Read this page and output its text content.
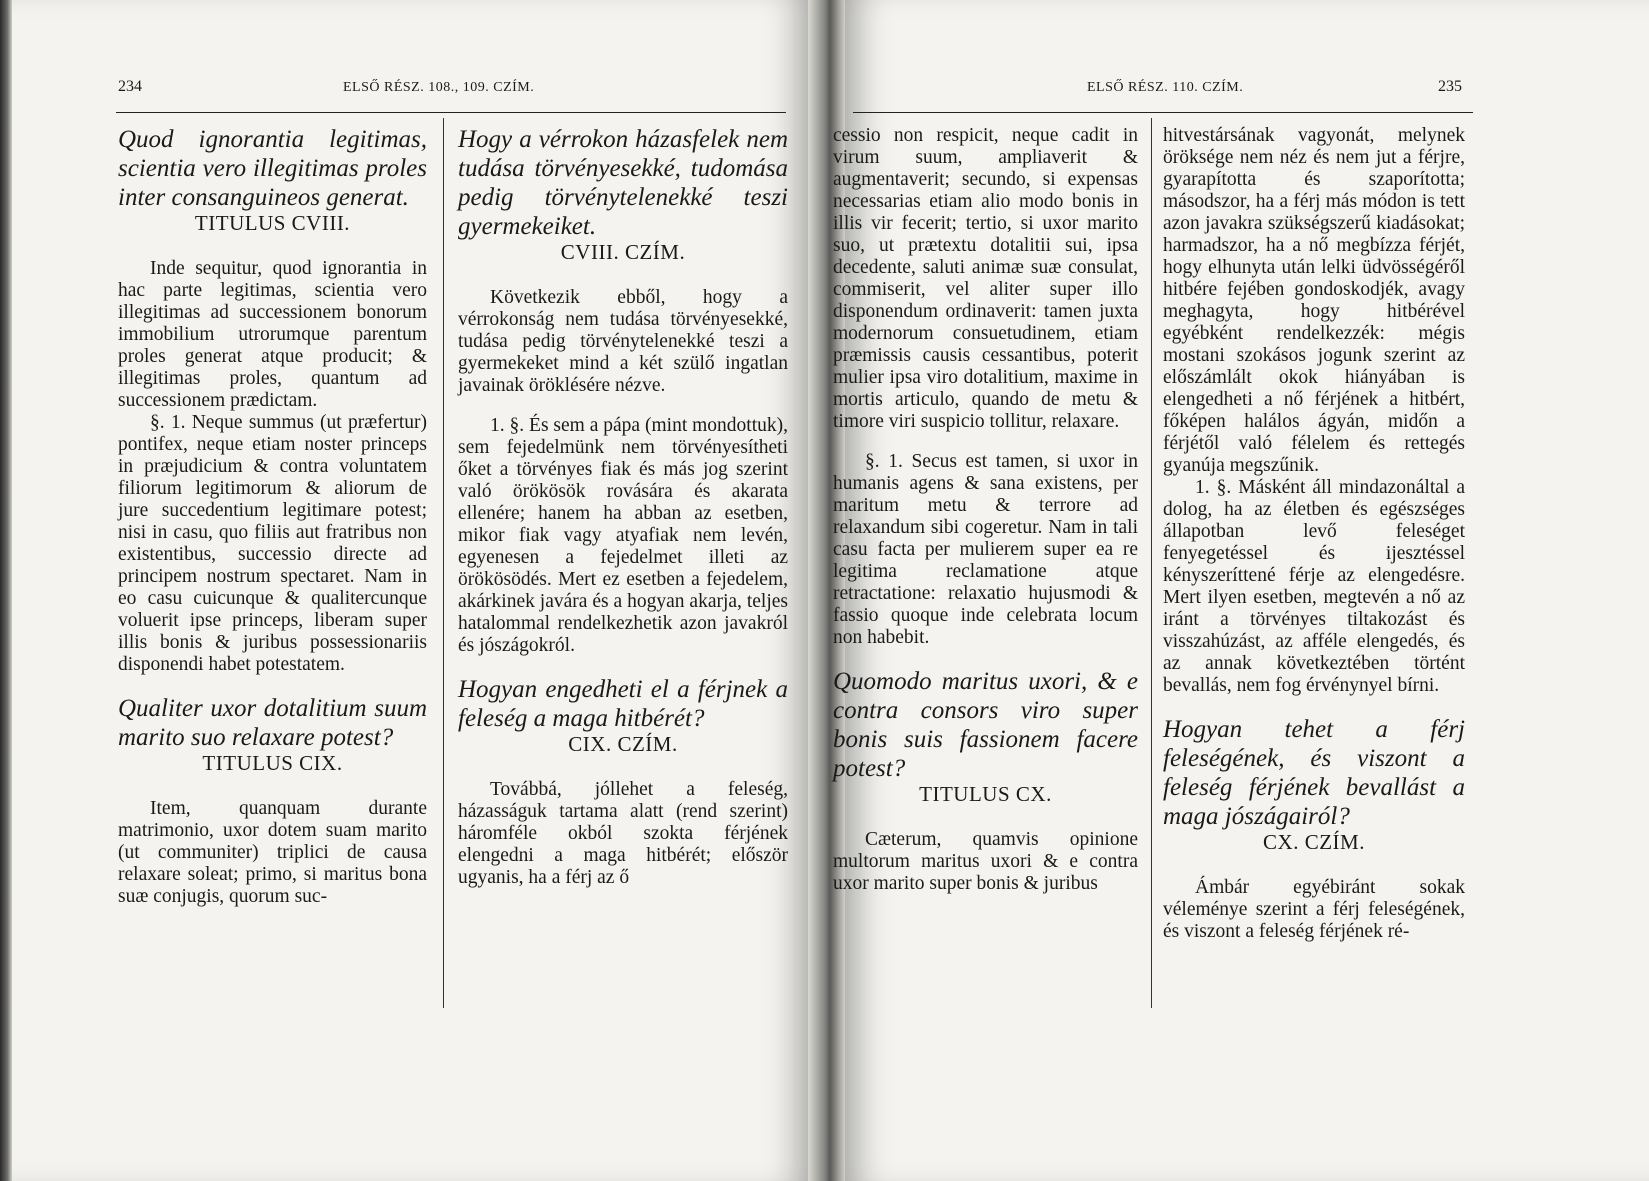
234	ELSŐ RÉSZ. 108., 109. CZÍM.

Quod ignorantia legitimas, scientia vero illegitimas proles inter consanguineos generat.

TITULUS CVIII.

Inde sequitur, quod ignorantia in hac parte legitimas, scientia vero illegitimas ad successionem bonorum immobilium utrorumque parentum proles generat atque producit; & illegitimas proles, quantum ad successionem prædictam.

§. 1. Neque summus (ut præfertur) pontifex, neque etiam noster princeps in præjudicium & contra voluntatem filiorum legitimorum & aliorum de jure succedentium legitimare potest; nisi in casu, quo filiis aut fratribus non existentibus, successio directe ad principem nostrum spectaret. Nam in eo casu cuicunque & qualitercunque voluerit ipse princeps, liberam super illis bonis & juribus possessionariis disponendi habet potestatem.

Qualiter uxor dotalitium suum marito suo relaxare potest?

TITULUS CIX.

Item, quanquam durante matrimonio, uxor dotem suam marito (ut communiter) triplici de causa relaxare soleat; primo, si maritus bona suæ conjugis, quorum suc-

Hogy a vérrokon házasfelek nem tudása törvényesekké, tudomása pedig törvénytelenekké teszi gyermekeiket.

CVIII. CZÍM.

Következik ebből, hogy a vérrokonság nem tudása törvényesekké, tudása pedig törvénytelenekké teszi a gyermekeket mind a két szülő ingatlan javainak öröklésére nézve.

1. §. És sem a pápa (mint mondottuk), sem fejedelmünk nem törvényesítheti őket a törvényes fiak és más jog szerint való örökösök rovására és akarata ellenére; hanem ha abban az esetben, mikor fiak vagy atyafiak nem levén, egyenesen a fejedelmet illeti az örökösödés. Mert ez esetben a fejedelem, akárkinek javára és a hogyan akarja, teljes hatalommal rendelkezhetik azon javakról és jószágokról.

Hogyan engedheti el a férjnek a feleség a maga hitbérét?

CIX. CZÍM.

Továbbá, jóllehet a feleség, házasságuk tartama alatt (rend szerint) háromféle okból szokta férjének elengedni a maga hitbérét; először ugyanis, ha a férj az ő

ELSŐ RÉSZ. 110. CZÍM.	235

cessio non respicit, neque cadit in virum suum, ampliaverit & augmentaverit; secundo, si expensas necessarias etiam alio modo bonis in illis vir fecerit; tertio, si uxor marito suo, ut prætextu dotalitii sui, ipsa decedente, saluti animæ suæ consulat, commiserit, vel aliter super illo disponendum ordinaverit: tamen juxta modernorum consuetudinem, etiam præmissis causis cessantibus, poterit mulier ipsa viro dotalitium, maxime in mortis articulo, quando de metu & timore viri suspicio tollitur, relaxare.

§. 1. Secus est tamen, si uxor in humanis agens & sana existens, per maritum metu & terrore ad relaxandum sibi cogeretur. Nam in tali casu facta per mulierem super ea re legitima reclamatione atque retractatione: relaxatio hujusmodi & fassio quoque inde celebrata locum non habebit.

Quomodo maritus uxori, & e contra consors viro super bonis suis fassionem facere potest?

TITULUS CX.

Cæterum, quamvis opinione multorum maritus uxori & e contra uxor marito super bonis & juribus

hitvestársának vagyonát, melynek öröksége nem néz és nem jut a férjre, gyarapította és szaporította; másodszor, ha a férj más módon is tett azon javakra szükségszerű kiadásokat; harmadszor, ha a nő megbízza férjét, hogy elhunyta után lelki üdvösségéről hitbére fejében gondoskodjék, avagy meghagyta, hogy hitbérével egyébként rendelkezzék: mégis mostani szokásos jogunk szerint az előszámlált okok hiányában is elengedheti a nő férjének a hitbért, főképen halálos ágyán, midőn a férjétől való félelem és rettegés gyanúja megszűnik.

1. §. Másként áll mindazonáltal a dolog, ha az életben és egészséges állapotban levő feleséget fenyegetéssel és ijesztéssel kényszeríttené férje az elengedésre. Mert ilyen esetben, megtevén a nő az iránt a törvényes tiltakozást és visszahúzást, az afféle elengedés, és az annak következtében történt bevallás, nem fog érvénynyel bírni.

Hogyan tehet a férj feleségének, és viszont a feleség férjének bevallást a maga jószágairól?

CX. CZÍM.

Ámbár egyébiránt sokak véleménye szerint a férj feleségének, és viszont a feleség férjének ré-
